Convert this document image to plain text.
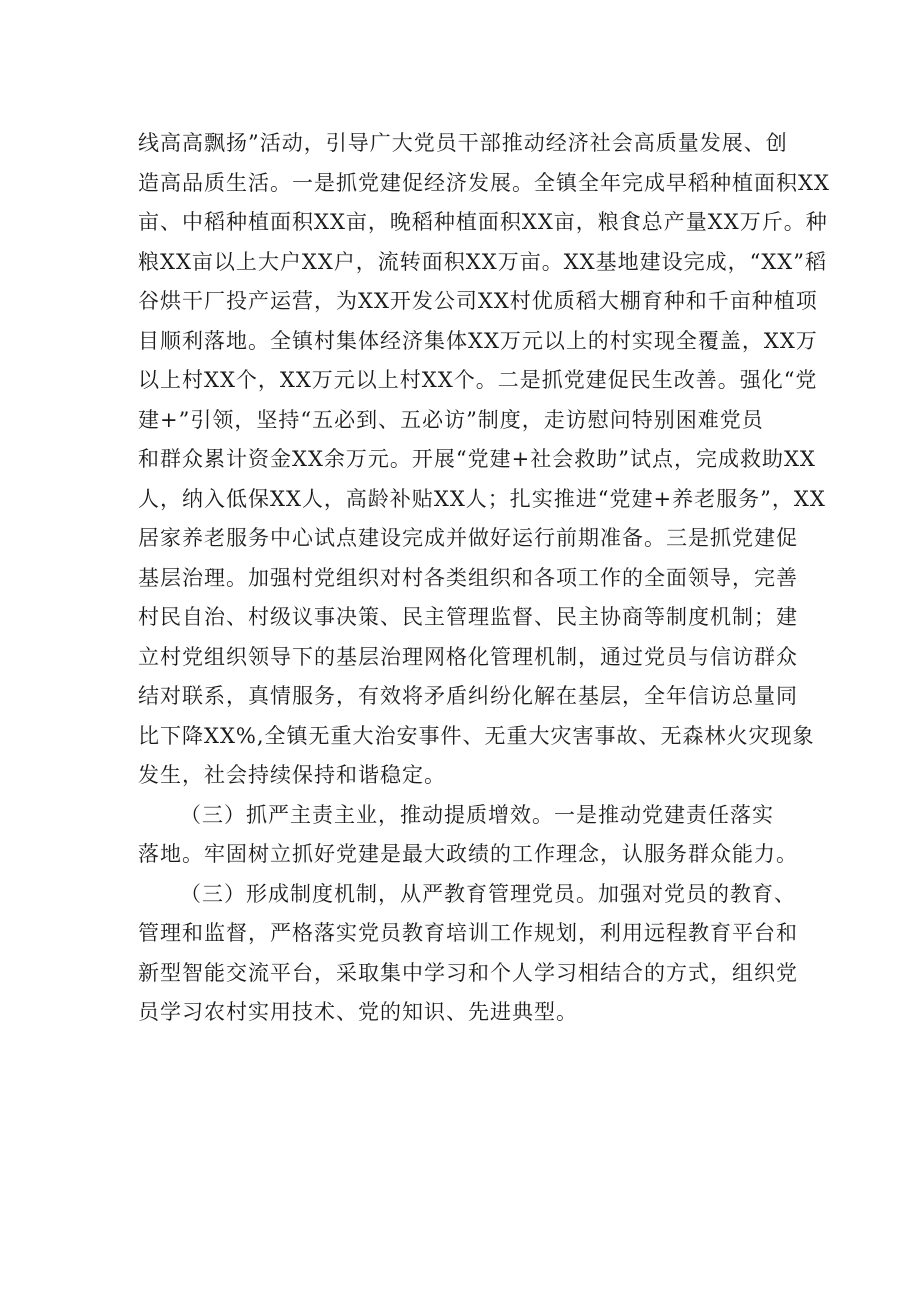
线高高飘扬”活动，引导广大党员干部推动经济社会高质量发展、创
造高品质生活。一是抓党建促经济发展。全镇全年完成早稻种植面积XX
亩、中稻种植面积XX亩，晚稻种植面积XX亩，粮食总产量XX万斤。种
粮XX亩以上大户XX户，流转面积XX万亩。XX基地建设完成，“XX”稻
谷烘干厂投产运营，为XX开发公司XX村优质稻大棚育种和千亩种植项
目顺利落地。全镇村集体经济集体XX万元以上的村实现全覆盖，XX万
以上村XX个，XX万元以上村XX个。二是抓党建促民生改善。强化“党
建+”引领，坚持“五必到、五必访”制度，走访慰问特别困难党员
和群众累计资金XX余万元。开展“党建+社会救助”试点，完成救助XX
人，纳入低保XX人，高龄补贴XX人；扎实推进“党建+养老服务”，XX
居家养老服务中心试点建设完成并做好运行前期准备。三是抓党建促
基层治理。加强村党组织对村各类组织和各项工作的全面领导，完善
村民自治、村级议事决策、民主管理监督、民主协商等制度机制；建
立村党组织领导下的基层治理网格化管理机制，通过党员与信访群众
结对联系，真情服务，有效将矛盾纠纷化解在基层，全年信访总量同
比下降XX%,全镇无重大治安事件、无重大灾害事故、无森林火灾现象
发生，社会持续保持和谐稳定。

（三）抓严主责主业，推动提质增效。一是推动党建责任落实
落地。牢固树立抓好党建是最大政绩的工作理念，认服务群众能力。

（三）形成制度机制，从严教育管理党员。加强对党员的教育、
管理和监督，严格落实党员教育培训工作规划，利用远程教育平台和
新型智能交流平台，采取集中学习和个人学习相结合的方式，组织党
员学习农村实用技术、党的知识、先进典型。
